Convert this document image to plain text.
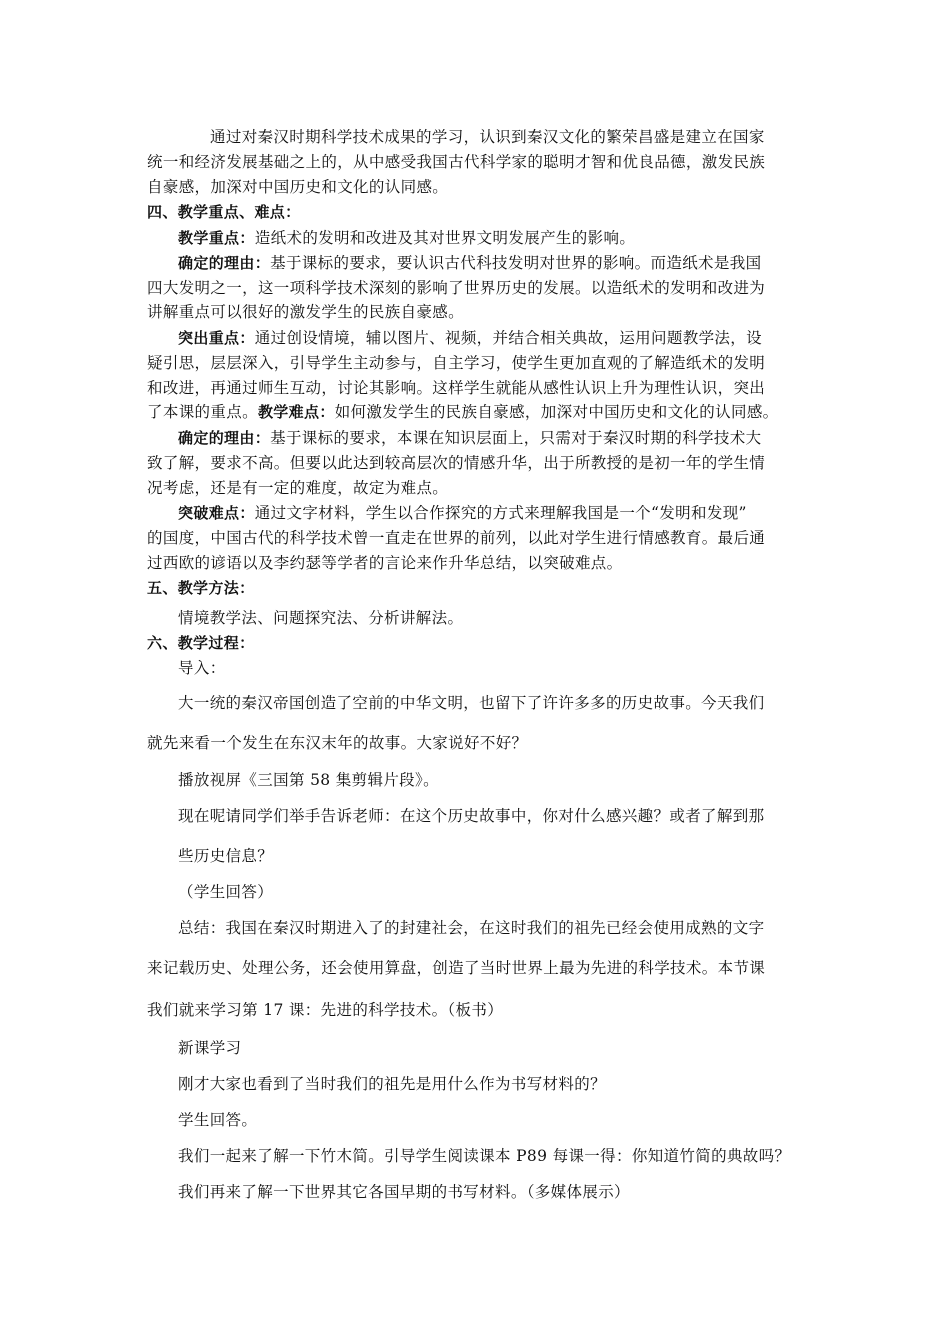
通过对秦汉时期科学技术成果的学习，认识到秦汉文化的繁荣昌盛是建立在国家
统一和经济发展基础之上的，从中感受我国古代科学家的聪明才智和优良品德，激发民族
自豪感，加深对中国历史和文化的认同感。
四、教学重点、难点：
教学重点：造纸术的发明和改进及其对世界文明发展产生的影响。
确定的理由：基于课标的要求，要认识古代科技发明对世界的影响。而造纸术是我国
四大发明之一，这一项科学技术深刻的影响了世界历史的发展。以造纸术的发明和改进为
讲解重点可以很好的激发学生的民族自豪感。
突出重点：通过创设情境，辅以图片、视频，并结合相关典故，运用问题教学法，设
疑引思，层层深入，引导学生主动参与，自主学习，使学生更加直观的了解造纸术的发明
和改进，再通过师生互动，讨论其影响。这样学生就能从感性认识上升为理性认识，突出
了本课的重点。教学难点：如何激发学生的民族自豪感，加深对中国历史和文化的认同感。
确定的理由：基于课标的要求，本课在知识层面上，只需对于秦汉时期的科学技术大
致了解，要求不高。但要以此达到较高层次的情感升华，出于所教授的是初一年的学生情
况考虑，还是有一定的难度，故定为难点。
突破难点：通过文字材料，学生以合作探究的方式来理解我国是一个“发明和发现”
的国度，中国古代的科学技术曾一直走在世界的前列，以此对学生进行情感教育。最后通
过西欧的谚语以及李约瑟等学者的言论来作升华总结，以突破难点。
五、教学方法：
情境教学法、问题探究法、分析讲解法。
六、教学过程：
导入：
大一统的秦汉帝国创造了空前的中华文明，也留下了许许多多的历史故事。今天我们
就先来看一个发生在东汉末年的故事。大家说好不好？
播放视屏《三国第 58 集剪辑片段》。
现在呢请同学们举手告诉老师：在这个历史故事中，你对什么感兴趣？或者了解到那
些历史信息？
（学生回答）
总结：我国在秦汉时期进入了的封建社会，在这时我们的祖先已经会使用成熟的文字
来记载历史、处理公务，还会使用算盘，创造了当时世界上最为先进的科学技术。本节课
我们就来学习第 17 课：先进的科学技术。（板书）
新课学习
刚才大家也看到了当时我们的祖先是用什么作为书写材料的？
学生回答。
我们一起来了解一下竹木简。引导学生阅读课本 P89 每课一得：你知道竹简的典故吗？
我们再来了解一下世界其它各国早期的书写材料。（多媒体展示）
